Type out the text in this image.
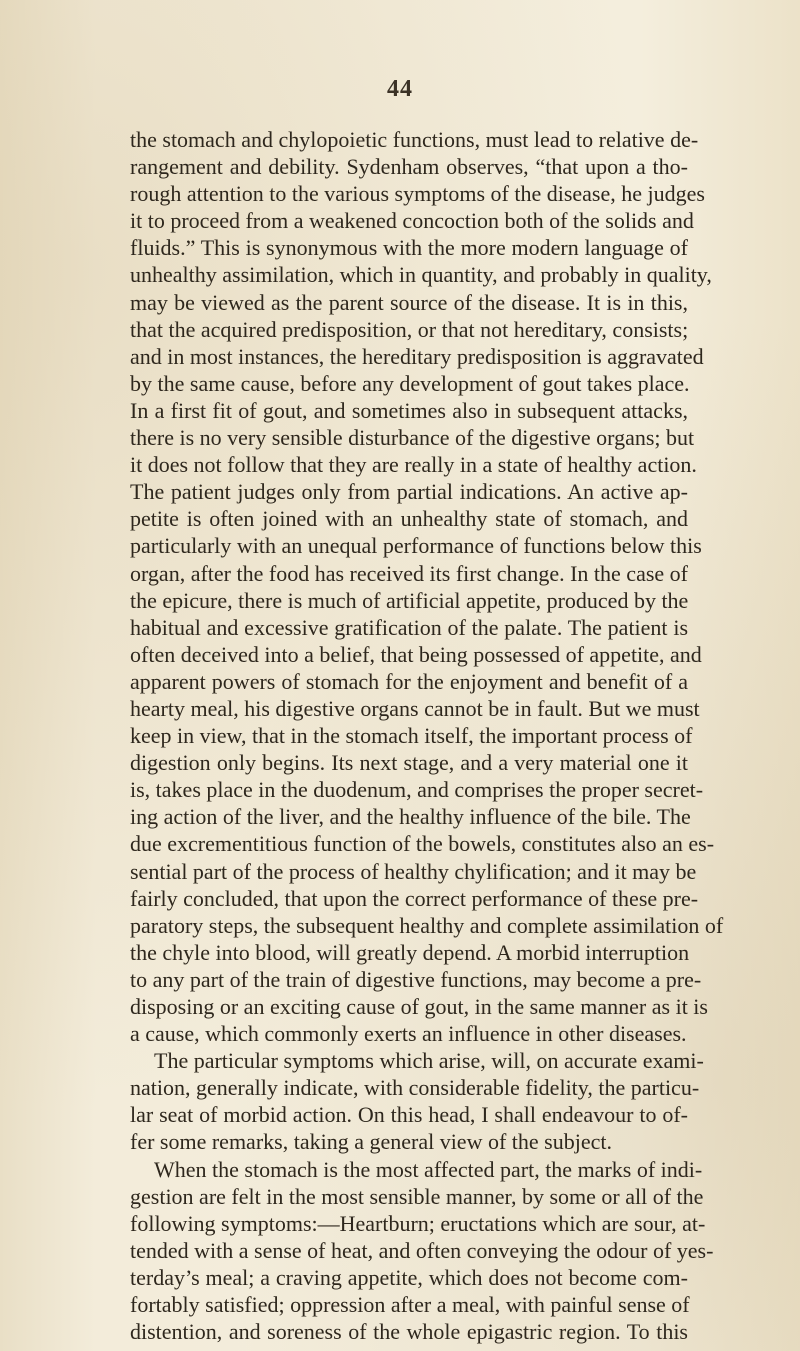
44
the stomach and chylopoietic functions, must lead to relative de-
rangement and debility. Sydenham observes, “that upon a tho-
rough attention to the various symptoms of the disease, he judges
it to proceed from a weakened concoction both of the solids and
fluids.” This is synonymous with the more modern language of
unhealthy assimilation, which in quantity, and probably in quality,
may be viewed as the parent source of the disease. It is in this,
that the acquired predisposition, or that not hereditary, consists;
and in most instances, the hereditary predisposition is aggravated
by the same cause, before any development of gout takes place.
In a first fit of gout, and sometimes also in subsequent attacks,
there is no very sensible disturbance of the digestive organs; but
it does not follow that they are really in a state of healthy action.
The patient judges only from partial indications. An active ap-
petite is often joined with an unhealthy state of stomach, and
particularly with an unequal performance of functions below this
organ, after the food has received its first change. In the case of
the epicure, there is much of artificial appetite, produced by the
habitual and excessive gratification of the palate. The patient is
often deceived into a belief, that being possessed of appetite, and
apparent powers of stomach for the enjoyment and benefit of a
hearty meal, his digestive organs cannot be in fault. But we must
keep in view, that in the stomach itself, the important process of
digestion only begins. Its next stage, and a very material one it
is, takes place in the duodenum, and comprises the proper secret-
ing action of the liver, and the healthy influence of the bile. The
due excrementitious function of the bowels, constitutes also an es-
sential part of the process of healthy chylification; and it may be
fairly concluded, that upon the correct performance of these pre-
paratory steps, the subsequent healthy and complete assimilation of
the chyle into blood, will greatly depend. A morbid interruption
to any part of the train of digestive functions, may become a pre-
disposing or an exciting cause of gout, in the same manner as it is
a cause, which commonly exerts an influence in other diseases.
The particular symptoms which arise, will, on accurate exami-
nation, generally indicate, with considerable fidelity, the particu-
lar seat of morbid action. On this head, I shall endeavour to of-
fer some remarks, taking a general view of the subject.
When the stomach is the most affected part, the marks of indi-
gestion are felt in the most sensible manner, by some or all of the
following symptoms:—Heartburn; eructations which are sour, at-
tended with a sense of heat, and often conveying the odour of yes-
terday’s meal; a craving appetite, which does not become com-
fortably satisfied; oppression after a meal, with painful sense of
distention, and soreness of the whole epigastric region. To this
